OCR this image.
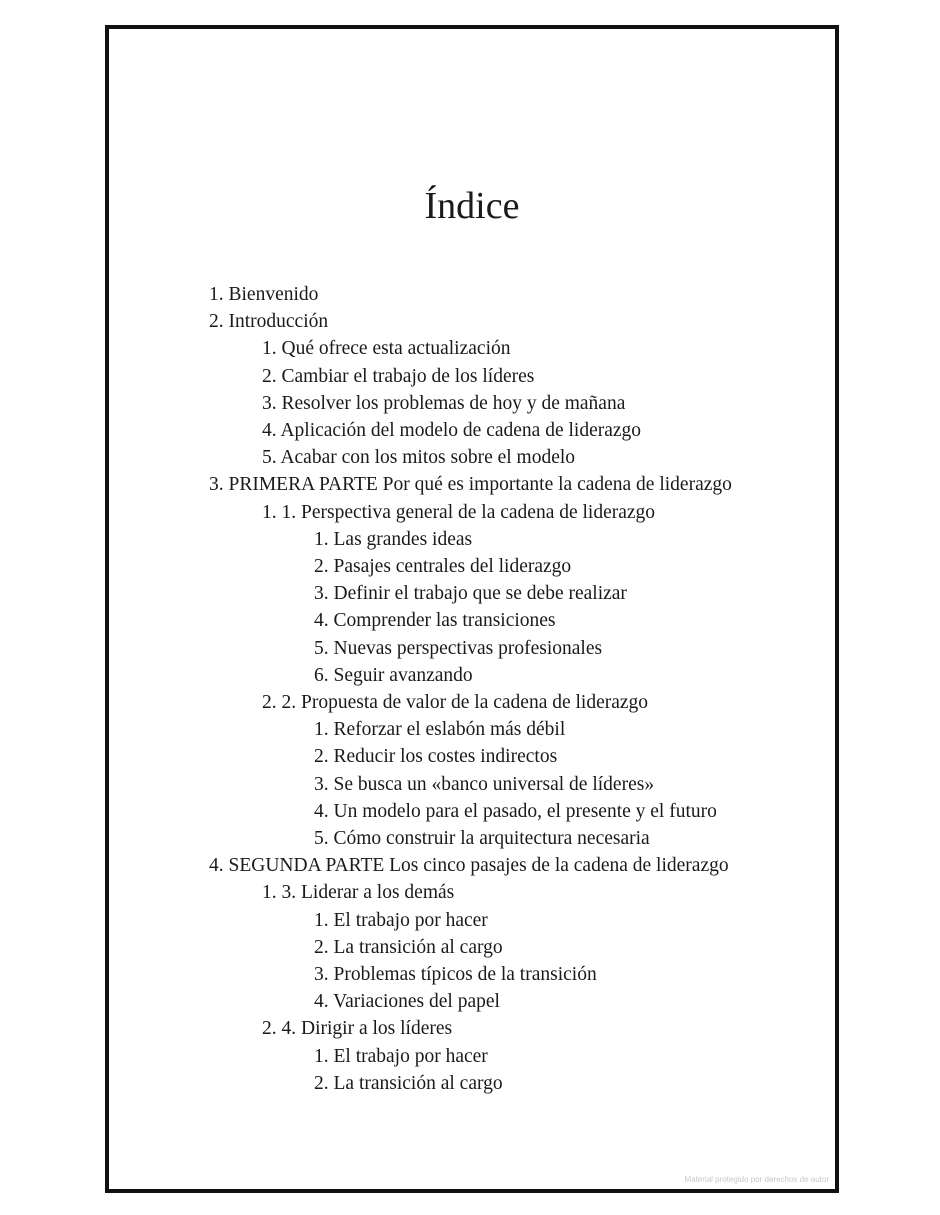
Índice
1. Bienvenido
2. Introducción
1. Qué ofrece esta actualización
2. Cambiar el trabajo de los líderes
3. Resolver los problemas de hoy y de mañana
4. Aplicación del modelo de cadena de liderazgo
5. Acabar con los mitos sobre el modelo
3. PRIMERA PARTE Por qué es importante la cadena de liderazgo
1. 1. Perspectiva general de la cadena de liderazgo
1. Las grandes ideas
2. Pasajes centrales del liderazgo
3. Definir el trabajo que se debe realizar
4. Comprender las transiciones
5. Nuevas perspectivas profesionales
6. Seguir avanzando
2. 2. Propuesta de valor de la cadena de liderazgo
1. Reforzar el eslabón más débil
2. Reducir los costes indirectos
3. Se busca un «banco universal de líderes»
4. Un modelo para el pasado, el presente y el futuro
5. Cómo construir la arquitectura necesaria
4. SEGUNDA PARTE Los cinco pasajes de la cadena de liderazgo
1. 3. Liderar a los demás
1. El trabajo por hacer
2. La transición al cargo
3. Problemas típicos de la transición
4. Variaciones del papel
2. 4. Dirigir a los líderes
1. El trabajo por hacer
2. La transición al cargo
Material protegido por derechos de autor
